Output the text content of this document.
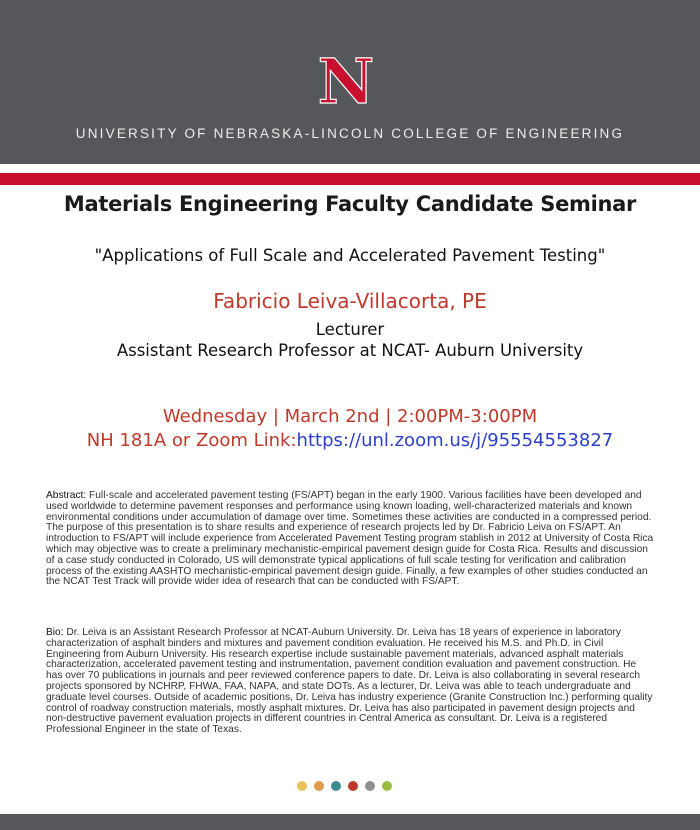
N
UNIVERSITY OF NEBRASKA-LINCOLN COLLEGE OF ENGINEERING
Materials Engineering Faculty Candidate Seminar
"Applications of Full Scale and Accelerated Pavement Testing"
Fabricio Leiva-Villacorta, PE
Lecturer
Assistant Research Professor at NCAT- Auburn University
Wednesday | March 2nd | 2:00PM-3:00PM
NH 181A or Zoom Link:https://unl.zoom.us/j/95554553827
Abstract: Full-scale and accelerated pavement testing (FS/APT) began in the early 1900. Various facilities have been developed and used worldwide to determine pavement responses and performance using known loading, well-characterized materials and known environmental conditions under accumulation of damage over time. Sometimes these activities are conducted in a compressed period. The purpose of this presentation is to share results and experience of research projects led by Dr. Fabricio Leiva on FS/APT. An introduction to FS/APT will include experience from Accelerated Pavement Testing program stablish in 2012 at University of Costa Rica which may objective was to create a preliminary mechanistic-empirical pavement design guide for Costa Rica. Results and discussion of a case study conducted in Colorado, US will demonstrate typical applications of full scale testing for verification and calibration process of the existing AASHTO mechanistic-empirical pavement design guide. Finally, a few examples of other studies conducted an the NCAT Test Track will provide wider idea of research that can be conducted with FS/APT.
Bio: Dr. Leiva is an Assistant Research Professor at NCAT-Auburn University. Dr. Leiva has 18 years of experience in laboratory characterization of asphalt binders and mixtures and pavement condition evaluation. He received his M.S. and Ph.D. in Civil Engineering from Auburn University. His research expertise include sustainable pavement materials, advanced asphalt materials characterization, accelerated pavement testing and instrumentation, pavement condition evaluation and pavement construction. He has over 70 publications in journals and peer reviewed conference papers to date. Dr. Leiva is also collaborating in several research projects sponsored by NCHRP, FHWA, FAA, NAPA, and state DOTs. As a lecturer, Dr. Leiva was able to teach undergraduate and graduate level courses. Outside of academic positions, Dr. Leiva has industry experience (Granite Construction Inc.) performing quality control of roadway construction materials, mostly asphalt mixtures. Dr. Leiva has also participated in pavement design projects and non-destructive pavement evaluation projects in different countries in Central America as consultant. Dr. Leiva is a registered Professional Engineer in the state of Texas.
